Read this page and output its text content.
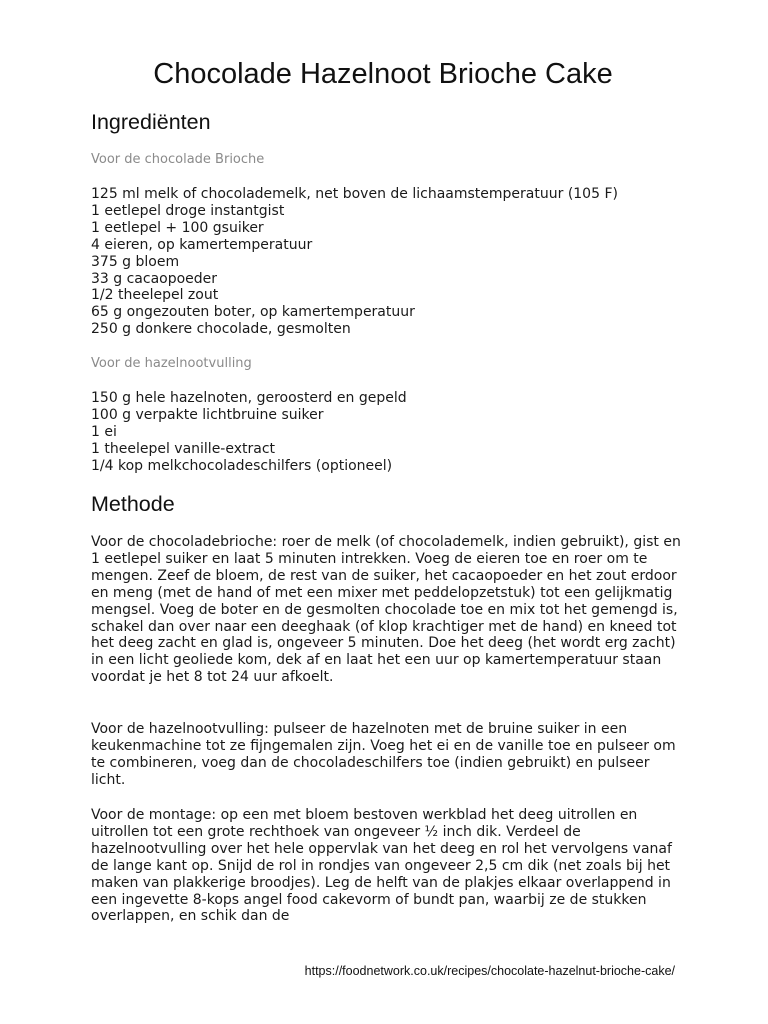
Chocolade Hazelnoot Brioche Cake
Ingrediënten

Voor de chocolade Brioche

125 ml melk of chocolademelk, net boven de lichaamstemperatuur (105 F)
1 eetlepel droge instantgist
1 eetlepel + 100 gsuiker
4 eieren, op kamertemperatuur
375 g bloem
33 g cacaopoeder
1/2 theelepel zout
65 g ongezouten boter, op kamertemperatuur
250 g donkere chocolade, gesmolten

Voor de hazelnootvulling

150 g hele hazelnoten, geroosterd en gepeld
100 g verpakte lichtbruine suiker
1 ei
1 theelepel vanille-extract
1/4 kop melkchocoladeschilfers (optioneel)
Methode

Voor de chocoladebrioche: roer de melk (of chocolademelk, indien gebruikt), gist en 1 eetlepel suiker en laat 5 minuten intrekken. Voeg de eieren toe en roer om te mengen. Zeef de bloem, de rest van de suiker, het cacaopoeder en het zout erdoor en meng (met de hand of met een mixer met peddelopzetstuk) tot een gelijkmatig mengsel. Voeg de boter en de gesmolten chocolade toe en mix tot het gemengd is, schakel dan over naar een deeghaak (of klop krachtiger met de hand) en kneed tot het deeg zacht en glad is, ongeveer 5 minuten. Doe het deeg (het wordt erg zacht) in een licht geoliede kom, dek af en laat het een uur op kamertemperatuur staan voordat je het 8 tot 24 uur afkoelt.

Voor de hazelnootvulling: pulseer de hazelnoten met de bruine suiker in een keukenmachine tot ze fijngemalen zijn. Voeg het ei en de vanille toe en pulseer om te combineren, voeg dan de chocoladeschilfers toe (indien gebruikt) en pulseer licht.

Voor de montage: op een met bloem bestoven werkblad het deeg uitrollen en uitrollen tot een grote rechthoek van ongeveer ½ inch dik. Verdeel de hazelnootvulling over het hele oppervlak van het deeg en rol het vervolgens vanaf de lange kant op. Snijd de rol in rondjes van ongeveer 2,5 cm dik (net zoals bij het maken van plakkerige broodjes). Leg de helft van de plakjes elkaar overlappend in een ingevette 8-kops angel food cakevorm of bundt pan, waarbij ze de stukken overlappen, en schik dan de

https://foodnetwork.co.uk/recipes/chocolate-hazelnut-brioche-cake/
